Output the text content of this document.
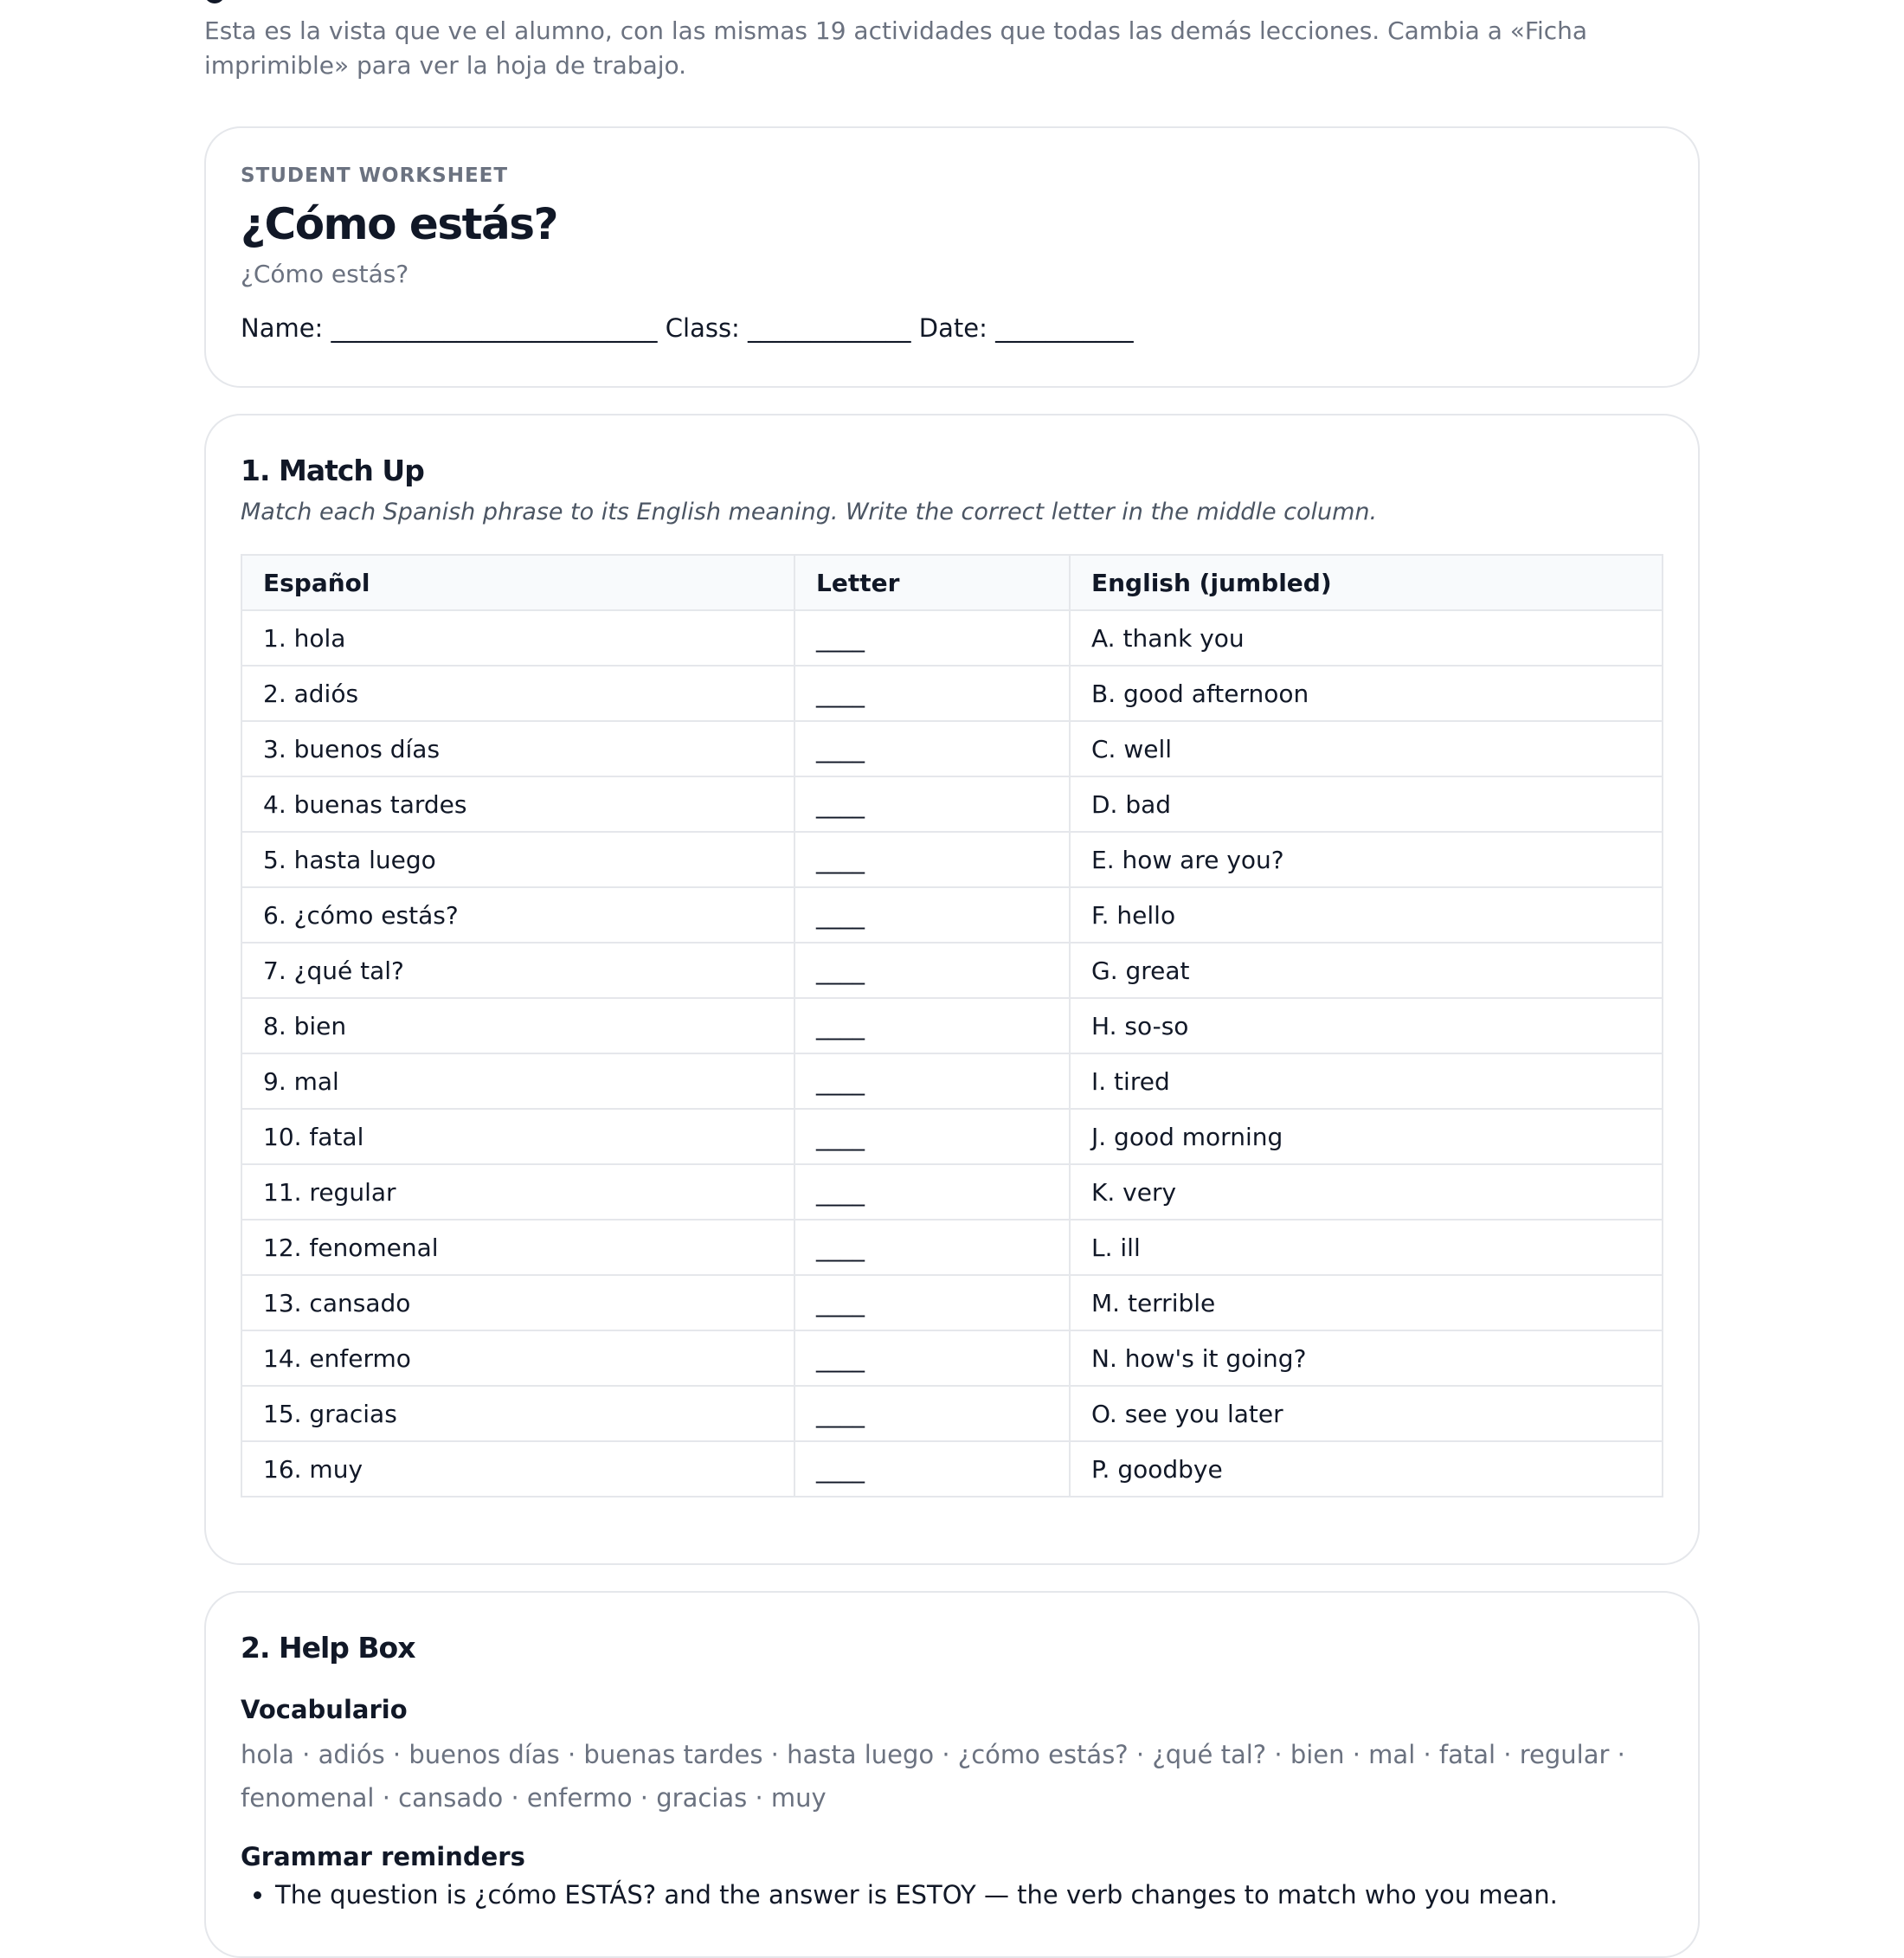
Esta es la vista que ve el alumno, con las mismas 19 actividades que todas las demás lecciones. Cambia a «Ficha imprimible» para ver la hoja de trabajo.
STUDENT WORKSHEET
¿Cómo estás?
¿Cómo estás?
Name: __________________________ Class: _____________ Date: ___________
1. Match Up
Match each Spanish phrase to its English meaning. Write the correct letter in the middle column.
Español	Letter	English (jumbled)
1. hola	____	A. thank you
2. adiós	____	B. good afternoon
3. buenos días	____	C. well
4. buenas tardes	____	D. bad
5. hasta luego	____	E. how are you?
6. ¿cómo estás?	____	F. hello
7. ¿qué tal?	____	G. great
8. bien	____	H. so-so
9. mal	____	I. tired
10. fatal	____	J. good morning
11. regular	____	K. very
12. fenomenal	____	L. ill
13. cansado	____	M. terrible
14. enfermo	____	N. how's it going?
15. gracias	____	O. see you later
16. muy	____	P. goodbye
2. Help Box
Vocabulario
hola · adiós · buenos días · buenas tardes · hasta luego · ¿cómo estás? · ¿qué tal? · bien · mal · fatal · regular · fenomenal · cansado · enfermo · gracias · muy
Grammar reminders
• The question is ¿cómo ESTÁS? and the answer is ESTOY — the verb changes to match who you mean.
